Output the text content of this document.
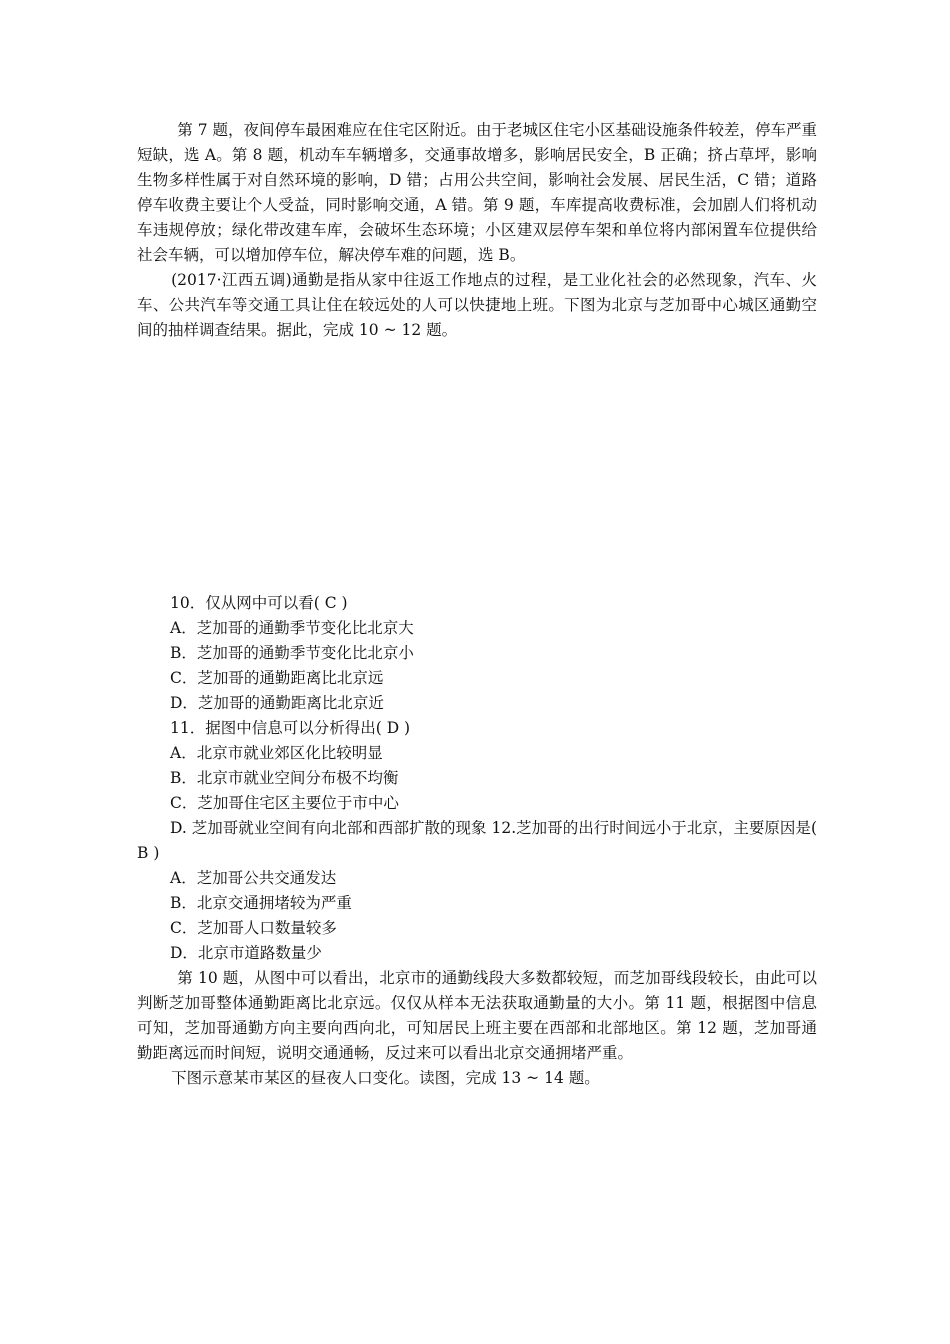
第 7 题，夜间停车最困难应在住宅区附近。由于老城区住宅小区基础设施条件较差，停车严重短缺，选 A。第 8 题，机动车车辆增多，交通事故增多，影响居民安全，B 正确；挤占草坪，影响生物多样性属于对自然环境的影响，D 错；占用公共空间，影响社会发展、居民生活，C 错；道路停车收费主要让个人受益，同时影响交通，A 错。第 9 题，车库提高收费标准，会加剧人们将机动车违规停放；绿化带改建车库，会破坏生态环境；小区建双层停车架和单位将内部闲置车位提供给社会车辆，可以增加停车位，解决停车难的问题，选 B。

(2017·江西五调)通勤是指从家中往返工作地点的过程，是工业化社会的必然现象，汽车、火车、公共汽车等交通工具让住在较远处的人可以快捷地上班。下图为北京与芝加哥中心城区通勤空间的抽样调查结果。据此，完成 10 ~ 12 题。

10．仅从网中可以看( C )

A．芝加哥的通勤季节变化比北京大

B．芝加哥的通勤季节变化比北京小

C．芝加哥的通勤距离比北京远

D．芝加哥的通勤距离比北京近

11．据图中信息可以分析得出( D )

A．北京市就业郊区化比较明显

B．北京市就业空间分布极不均衡

C．芝加哥住宅区主要位于市中心

D. 芝加哥就业空间有向北部和西部扩散的现象 12.芝加哥的出行时间远小于北京，主要原因是( B )

A．芝加哥公共交通发达

B．北京交通拥堵较为严重

C．芝加哥人口数量较多

D．北京市道路数量少

第 10 题，从图中可以看出，北京市的通勤线段大多数都较短，而芝加哥线段较长，由此可以判断芝加哥整体通勤距离比北京远。仅仅从样本无法获取通勤量的大小。第 11 题，根据图中信息可知，芝加哥通勤方向主要向西向北，可知居民上班主要在西部和北部地区。第 12 题，芝加哥通勤距离远而时间短，说明交通通畅，反过来可以看出北京交通拥堵严重。

下图示意某市某区的昼夜人口变化。读图，完成 13 ~ 14 题。
